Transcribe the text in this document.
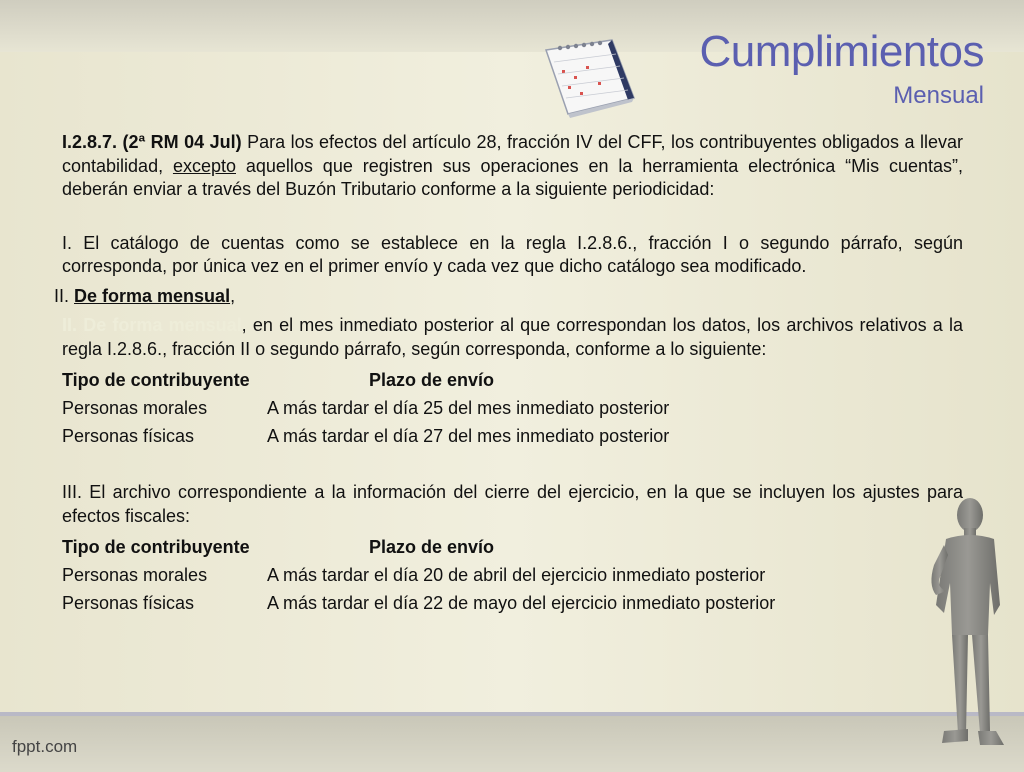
Cumplimientos
Mensual

I.2.8.7. (2ª RM 04 Jul) Para los efectos del artículo 28, fracción IV del CFF, los contribuyentes obligados a llevar contabilidad, excepto aquellos que registren sus operaciones en la herramienta electrónica “Mis cuentas”, deberán enviar a través del Buzón Tributario conforme a la siguiente periodicidad:

I. El catálogo de cuentas como se establece en la regla I.2.8.6., fracción I o segundo párrafo, según corresponda, por única vez en el primer envío y cada vez que dicho catálogo sea modificado.

II. De forma mensual,

II. De forma mensual, en el mes inmediato posterior al que correspondan los datos, los archivos relativos a la regla I.2.8.6., fracción II o segundo párrafo, según corresponda, conforme a lo siguiente:

Tipo de contribuyente	Plazo de envío
Personas morales	A más tardar el día 25 del mes inmediato posterior
Personas físicas	A más tardar el día 27 del mes inmediato posterior

III. El archivo correspondiente a la información del cierre del ejercicio, en la que se incluyen los ajustes para efectos fiscales:

Tipo de contribuyente	Plazo de envío
Personas morales	A más tardar el día 20 de abril del ejercicio inmediato posterior
Personas físicas	A más tardar el día 22 de mayo del ejercicio inmediato posterior
fppt.com
